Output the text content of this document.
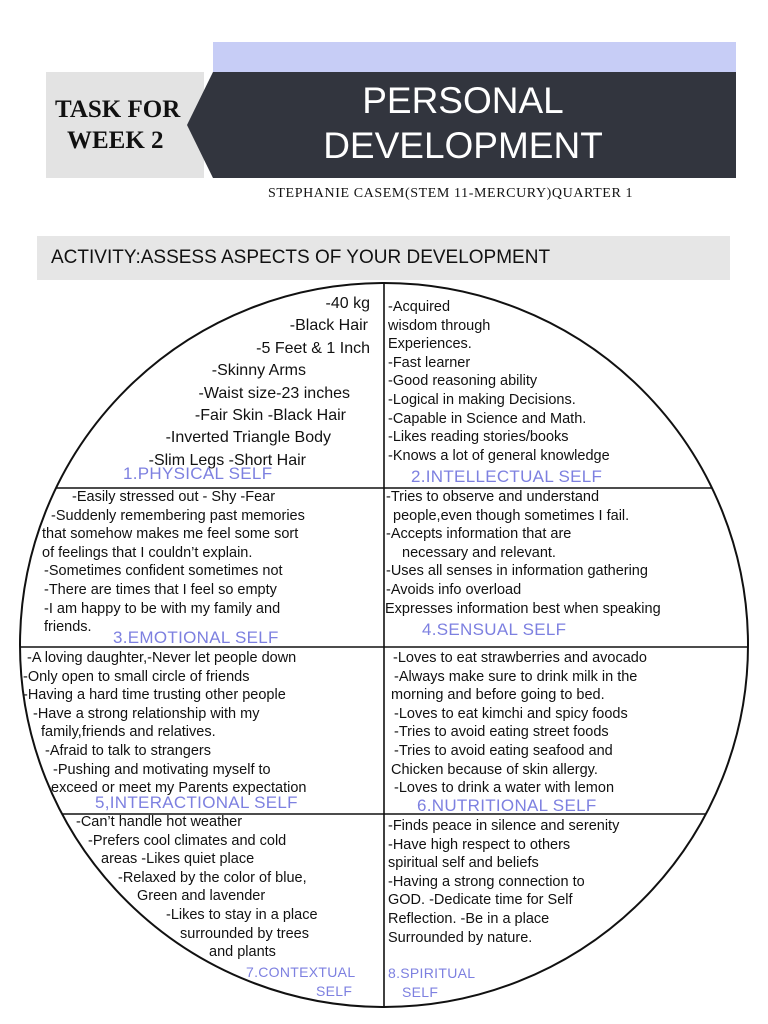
TASK FOR
WEEK 2
PERSONAL
DEVELOPMENT
STEPHANIE CASEM(STEM 11-MERCURY)QUARTER 1
ACTIVITY:ASSESS ASPECTS OF YOUR DEVELOPMENT
-40 kg
-Black Hair
-5 Feet & 1 Inch
-Skinny Arms
-Waist size-23 inches
-Fair Skin -Black Hair
-Inverted Triangle Body
-Slim Legs -Short Hair
1.PHYSICAL SELF
-Acquired
wisdom through
Experiences.
-Fast learner
-Good reasoning ability
-Logical in making Decisions.
-Capable in Science and Math.
-Likes reading stories/books
-Knows a lot of general knowledge
2.INTELLECTUAL SELF
-Easily stressed out - Shy -Fear
-Suddenly remembering past memories
that somehow makes me feel some sort
of feelings that I couldn’t explain.
-Sometimes confident sometimes not
-There are times that I feel so empty
-I am happy to be with my family and
friends.
3.EMOTIONAL SELF
-Tries to observe and understand
people,even though sometimes I fail.
-Accepts information that are
necessary and relevant.
-Uses all senses in information gathering
-Avoids info overload
Expresses information best when speaking
4.SENSUAL SELF
-A loving daughter,-Never let people down
-Only open to small circle of friends
-Having a hard time trusting other people
-Have a strong relationship with my
family,friends and relatives.
-Afraid to talk to strangers
-Pushing and motivating myself to
exceed or meet my Parents expectation
5,INTERACTIONAL SELF
-Loves to eat strawberries and avocado
-Always make sure to drink milk in the
morning and before going to bed.
-Loves to eat kimchi and spicy foods
-Tries to avoid eating street foods
-Tries to avoid eating seafood and
Chicken because of skin allergy.
-Loves to drink a water with lemon
6.NUTRITIONAL SELF
-Can’t handle hot weather
-Prefers cool climates and cold
areas -Likes quiet place
-Relaxed by the color of blue,
Green and lavender
-Likes to stay in a place
surrounded by trees
and plants
7.CONTEXTUAL
SELF
-Finds peace in silence and serenity
-Have high respect to others
spiritual self and beliefs
-Having a strong connection to
GOD. -Dedicate time for Self
Reflection. -Be in a place
Surrounded by nature.
8.SPIRITUAL
SELF
